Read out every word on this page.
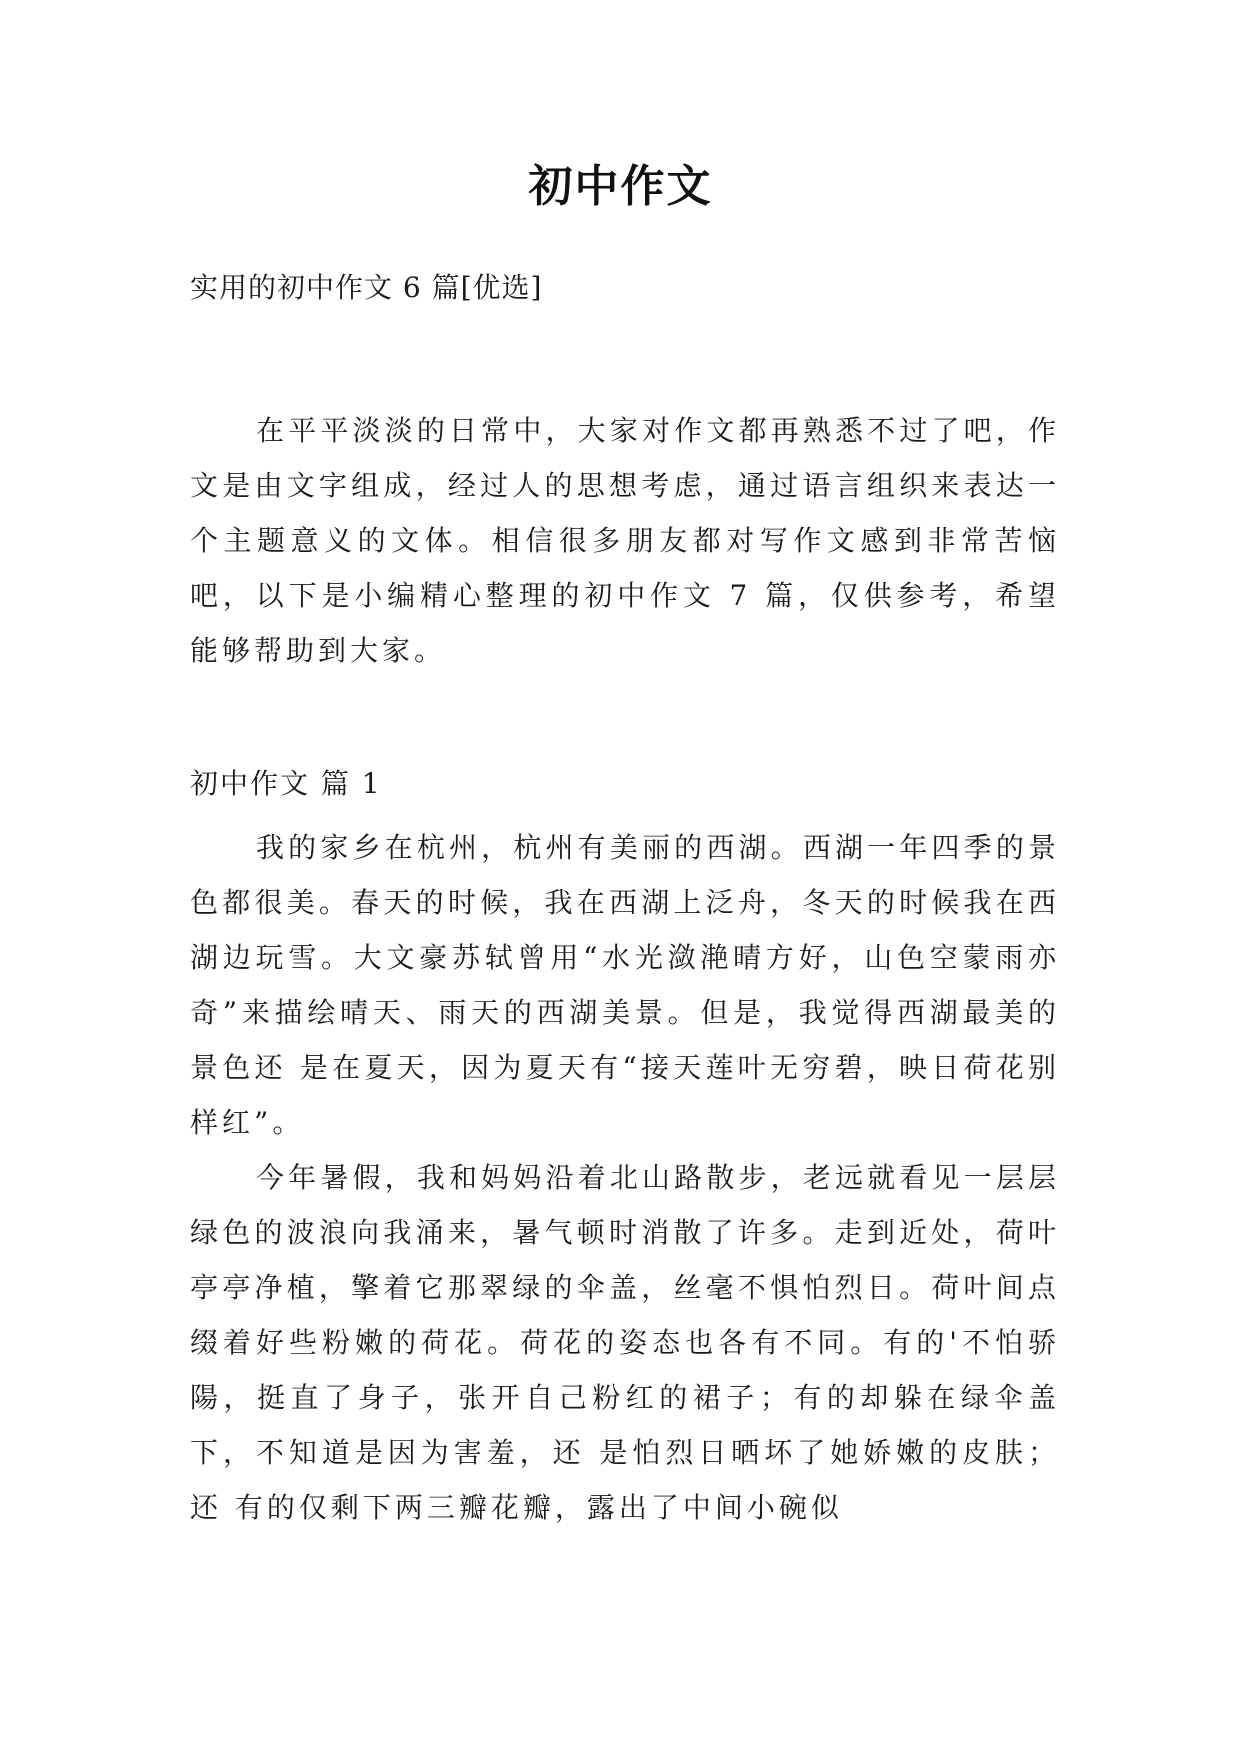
初中作文
实用的初中作文 6 篇[优选]
在平平淡淡的日常中，大家对作文都再熟悉不过了吧，作文是由文字组成，经过人的思想考虑，通过语言组织来表达一个主题意义的文体。相信很多朋友都对写作文感到非常苦恼吧，以下是小编精心整理的初中作文 7 篇，仅供参考，希望能够帮助到大家。
初中作文 篇 1

我的家乡在杭州，杭州有美丽的西湖。西湖一年四季的景色都很美。春天的时候，我在西湖上泛舟，冬天的时候我在西湖边玩雪。大文豪苏轼曾用“水光潋滟晴方好，山色空蒙雨亦奇”来描绘晴天、雨天的西湖美景。但是，我觉得西湖最美的景色还 是在夏天，因为夏天有“接天莲叶无穷碧，映日荷花别样红”。

今年暑假，我和妈妈沿着北山路散步，老远就看见一层层绿色的波浪向我涌来，暑气顿时消散了许多。走到近处，荷叶亭亭净植，擎着它那翠绿的伞盖，丝毫不惧怕烈日。荷叶间点缀着好些粉嫩的荷花。荷花的姿态也各有不同。有的'不怕骄陽，挺直了身子，张开自己粉红的裙子；有的却躲在绿伞盖下，不知道是因为害羞，还 是怕烈日晒坏了她娇嫩的皮肤；还 有的仅剩下两三瓣花瓣，露出了中间小碗似
